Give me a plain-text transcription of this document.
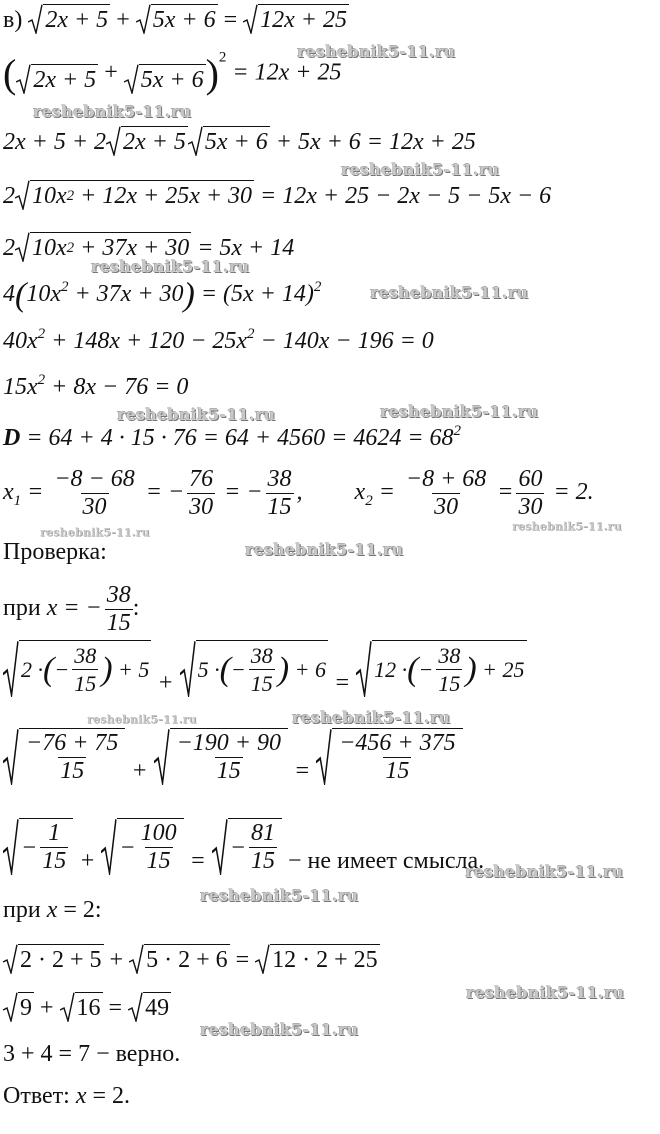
в) 2x + 5 + 5x + 6 = 12x + 25
( 2x + 5 + 5x + 6 )$^2$ = 12x + 25
2x + 5 + 2 2x + 5 5x + 6 + 5x + 6 = 12x + 25
2 10x 2
+ 12x + 25x + 30 = 12x + 25 − 2x − 5 − 5x − 6
2 10x 2
+ 37x + 30 = 5x + 14
$4(10x^2 + 37x + 30) = (5x + 14)^2$
$40x^2 + 148x + 120 - 25x^2 - 140x - 196 = 0$
$15x^2 + 8x - 76 = 0$
$D = 64 + 4 \cdot 15 \cdot 76 = 64 + 4560 = 4624 = 68^2$
$x_1 = \frac{-8 - 68}{30}$ = − $\frac{76}{30}$ = − $\frac{38}{15}$ , $x_2 = \frac{-8 + 68}{30} = \frac{60}{30} = 2$.
Проверка:
при x = − $\frac{38}{15}$ :
2 · ( − $\frac{38}{15}$ )
+ 5
+
5 · ( − $\frac{38}{15}$ )
+ 6
=
12 · ( − $\frac{38}{15}$ )
+ 25
$\frac{-76 + 75}{15} + \frac{-190 + 90}{15} = \frac{-456 + 375}{15}$
− $\frac{1}{15}$ +
− $\frac{100}{15}$ =
− $\frac{81}{15}$ − не имеет смысла.
при x = 2:
2 · 2 + 5 + 5 · 2 + 6 = 12 · 2 + 25
9 + 16 = 49
3 + 4 = 7 − верно.
Ответ: x = 2.
reshebnik5-11.ru
reshebnik5-11.ru
reshebnik5-11.ru
reshebnik5-11.ru
reshebnik5-11.ru
reshebnik5-11.ru	reshebnik5-11.ru
reshebnik5-11.ru	reshebnik5-11.ru
reshebnik5-11.ru
reshebnik5-11.ru	reshebnik5-11.ru
reshebnik5-11.ru
reshebnik5-11.ru
reshebnik5-11.ru
reshebnik5-11.ru
